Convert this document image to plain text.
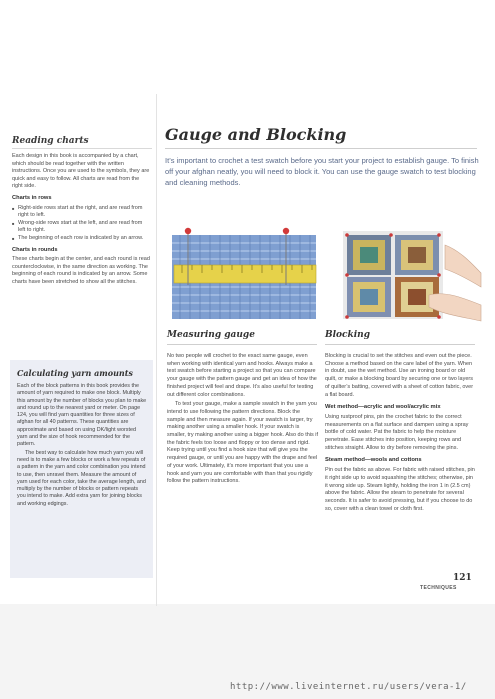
Reading charts

Each design in this book is accompanied by a chart, which should be read together with the written instructions. Once you are used to the symbols, they are quick and easy to follow. All charts are read from the right side.

Charts in rows

■ Right-side rows start at the right, and are read from right to left.
■ Wrong-side rows start at the left, and are read from left to right.
■ The beginning of each row is indicated by an arrow.

Charts in rounds

These charts begin at the center, and each round is read counterclockwise, in the same direction as working. The beginning of each round is indicated by an arrow. Some charts have been stretched to show all the stitches.

Calculating yarn amounts

Each of the block patterns in this book provides the amount of yarn required to make one block. Multiply this amount by the number of blocks you plan to make and round up to the nearest yard or meter. On page 124, you will find yarn quantities for three sizes of afghan for all 40 patterns. These quantities are approximate and based on using DK/light worsted yarn and the size of hook recommended for the pattern.

The best way to calculate how much yarn you will need is to make a few blocks or work a few repeats of a pattern in the yarn and color combination you intend to use, then unravel them. Measure the amount of yarn used for each color, take the average length, and multiply by the number of blocks or pattern repeats you intend to make. Add extra yarn for joining blocks and working edgings.

Gauge and Blocking
It’s important to crochet a test swatch before you start your project to establish gauge. To finish off your afghan neatly, you will need to block it. You can use the gauge swatch to test blocking and cleaning methods.
Measuring gauge

No two people will crochet to the exact same gauge, even when working with identical yarn and hooks. Always make a test swatch before starting a project so that you can compare your gauge with the pattern gauge and get an idea of how the finished project will feel and drape. It’s also useful for testing out different color combinations.

To test your gauge, make a sample swatch in the yarn you intend to use following the pattern directions. Block the sample and then measure again. If your swatch is larger, try making another using a smaller hook. If your swatch is smaller, try making another using a bigger hook. Also do this if the fabric feels too loose and floppy or too dense and rigid. Keep trying until you find a hook size that will give you the required gauge, or until you are happy with the drape and feel of your work. Ultimately, it’s more important that you use a hook and yarn you are comfortable with than that you rigidly follow the pattern instructions.

Blocking

Blocking is crucial to set the stitches and even out the piece. Choose a method based on the care label of the yarn. When in doubt, use the wet method. Use an ironing board or old quilt, or make a blocking board by securing one or two layers of quilter’s batting, covered with a sheet of cotton fabric, over a flat board.

Wet method—acrylic and wool/acrylic mix

Using rustproof pins, pin the crochet fabric to the correct measurements on a flat surface and dampen using a spray bottle of cold water. Pat the fabric to help the moisture penetrate. Ease stitches into position, keeping rows and stitches straight. Allow to dry before removing the pins.

Steam method—wools and cottons

Pin out the fabric as above. For fabric with raised stitches, pin it right side up to avoid squashing the stitches; otherwise, pin it wrong side up. Steam lightly, holding the iron 1 in (2.5 cm) above the fabric. Allow the steam to penetrate for several seconds. It is safer to avoid pressing, but if you choose to do so, cover with a clean towel or cloth first.

121
TECHNIQUES
http://www.liveinternet.ru/users/vera-1/
